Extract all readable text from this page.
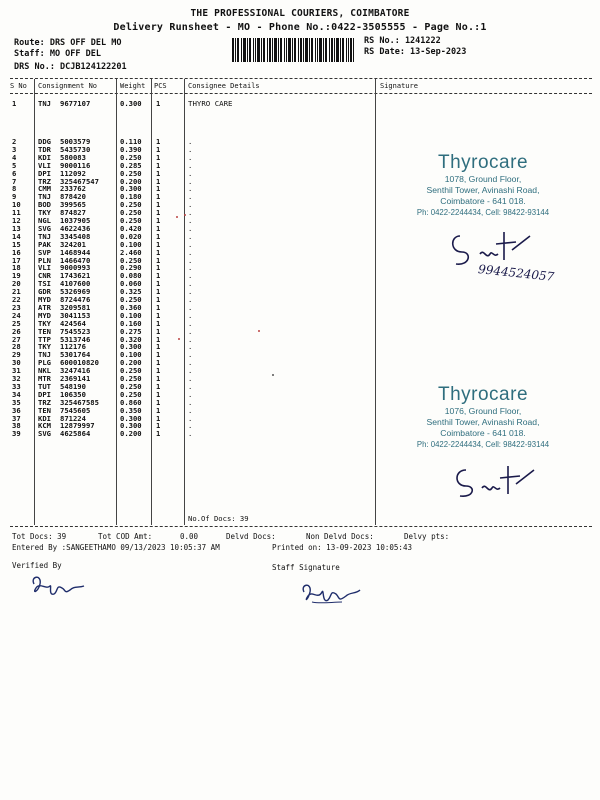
THE PROFESSIONAL COURIERS, COIMBATORE
Delivery Runsheet - MO - Phone No.:0422-3505555 - Page No.:1
Route: DRS OFF DEL MO
Staff: MO OFF DEL
DRS No.: DCJB124122201
RS No.: 1241222
RS Date: 13-Sep-2023
S No Consignment No	Weight PCS	Consignee Details	Signature
1	TNJ 9677107	0.300 1	THYRO CARE
2	DDG 5003579	0.110 1	.
3	TDR 5435730	0.390 1	.
4	KDI 580083	0.250 1	.
5	VLI 9000116	0.285 1	.
6	DPI 112092	0.250 1	.
7	TRZ 325467547	0.200 1	.
8	CMM 233762	0.300 1	.
9	TNJ 878420	0.180 1	.
10 BOD 399565	0.250 1	.
11 TKY 874827	0.250 1	.
12 NGL 1037905	0.250 1	.
13 SVG 4622436	0.420 1	.
14 TNJ 3345408	0.020 1	.
15 PAK 324201	0.100 1	.
16 SVP 1468944	2.460 1	.
17 PLN 1466470	0.250 1	.
18 VLI 9000993	0.290 1	.
19 CNR 1743621	0.080 1	.
20 TSI 4107600	0.060 1	.
21 GDR 5326969	0.325 1	.
22 MYD 8724476	0.250 1	.
23 ATR 3209581	0.360 1	.
24 MYD 3041153	0.100 1	.
25 TKY 424564	0.160 1	.
26 TEN 7545523	0.275 1	.
27 TTP 5313746	0.320 1	.
28 TKY 112176	0.300 1	.
29 TNJ 5301764	0.100 1	.
30 PLG 600010820	0.200 1	.
31 NKL 3247416	0.250 1	.
32 MTR 2369141	0.250 1	.
33 TUT 548190	0.250 1	.
34 DPI 106350	0.250 1	.
35 TRZ 325467585	0.860 1	.
36 TEN 7545605	0.350 1	.
37 KDI 871224	0.300 1	.
38 KCM 12879997	0.300 1	.
39 SVG 4625864	0.200 1	.
No.Of Docs: 39
Tot Docs: 39	Tot COD Amt:	0.00	Delvd Docs:	Non Delvd Docs:	Delvy pts:
Entered By :SANGEETHAMO 09/13/2023 10:05:37 AM	Printed on: 13-09-2023 10:05:43
Verified By	Staff Signature
Thyrocare
1078, Ground Floor,
Senthil Tower, Avinashi Road,
Coimbatore - 641 018.
Ph: 0422-2244434, Cell: 98422-93144
9944524057
Thyrocare
1076, Ground Floor,
Senthil Tower, Avinashi Road,
Coimbatore - 641 018.
Ph: 0422-2244434, Cell: 98422-93144
